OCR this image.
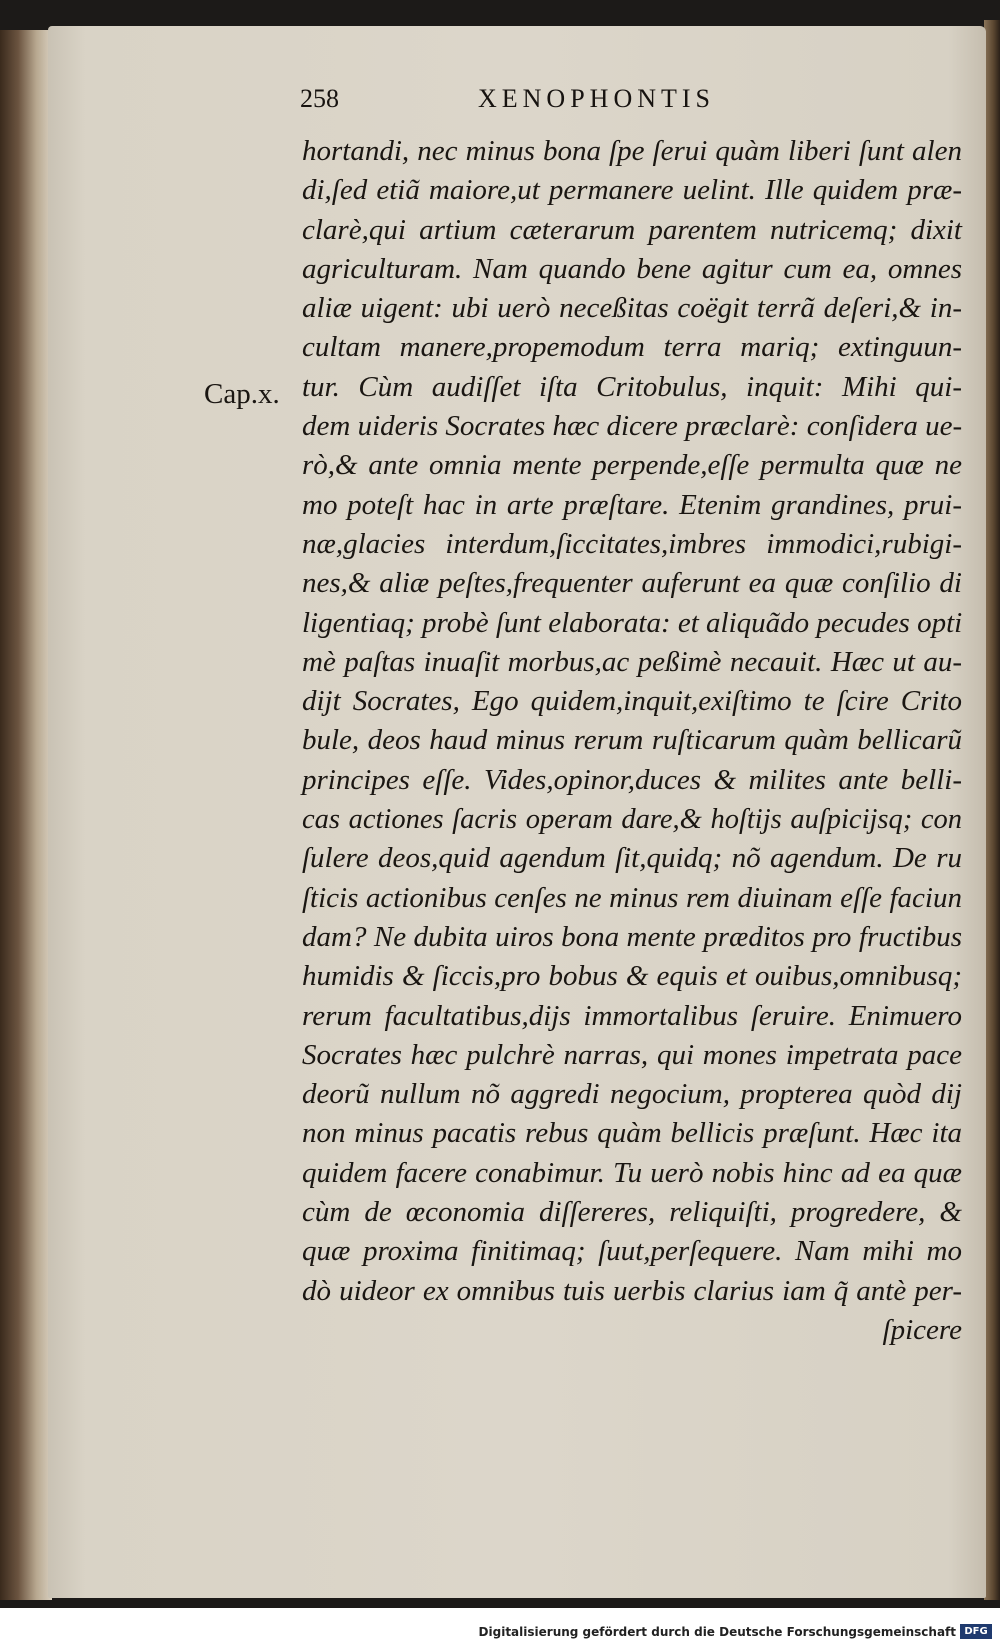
258	XENOPHONTIS
Cap.x.
hortandi, nec minus bona ſpe ſerui quàm liberi ſunt alen
di,ſed etiã maiore,ut permanere uelint. Ille quidem præ-
clarè,qui artium cæterarum parentem nutricemq; dixit
agriculturam. Nam quando bene agitur cum ea, omnes
aliæ uigent: ubi uerò neceßitas coëgit terrã deſeri,& in-
cultam manere,propemodum terra mariq; extinguun-
tur. Cùm audiſſet iſta Critobulus, inquit: Mihi qui-
dem uideris Socrates hæc dicere præclarè: conſidera ue-
rò,& ante omnia mente perpende,eſſe permulta quæ ne
mo poteſt hac in arte præſtare. Etenim grandines, prui-
næ,glacies interdum,ſiccitates,imbres immodici,rubigi-
nes,& aliæ peſtes,frequenter auferunt ea quæ conſilio di
ligentiaq; probè ſunt elaborata: et aliquãdo pecudes opti
mè paſtas inuaſit morbus,ac peßimè necauit. Hæc ut au-
dijt Socrates, Ego quidem,inquit,exiſtimo te ſcire Crito
bule, deos haud minus rerum ruſticarum quàm bellicarũ
principes eſſe. Vides,opinor,duces & milites ante belli-
cas actiones ſacris operam dare,& hoſtijs auſpicijsq; con
ſulere deos,quid agendum ſit,quidq; nõ agendum. De ru
ſticis actionibus cenſes ne minus rem diuinam eſſe faciun
dam? Ne dubita uiros bona mente præditos pro fructibus
humidis & ſiccis,pro bobus & equis et ouibus,omnibusq;
rerum facultatibus,dijs immortalibus ſeruire. Enimuero
Socrates hæc pulchrè narras, qui mones impetrata pace
deorũ nullum nõ aggredi negocium, propterea quòd dij
non minus pacatis rebus quàm bellicis præſunt. Hæc ita
quidem facere conabimur. Tu uerò nobis hinc ad ea quæ
cùm de œconomia diſſereres, reliquiſti, progredere, &
quæ proxima finitimaq; ſuut,perſequere. Nam mihi mo
dò uideor ex omnibus tuis uerbis clarius iam q̃ antè per-
ſpicere
Digitalisierung gefördert durch die Deutsche Forschungsgemeinschaft DFG
